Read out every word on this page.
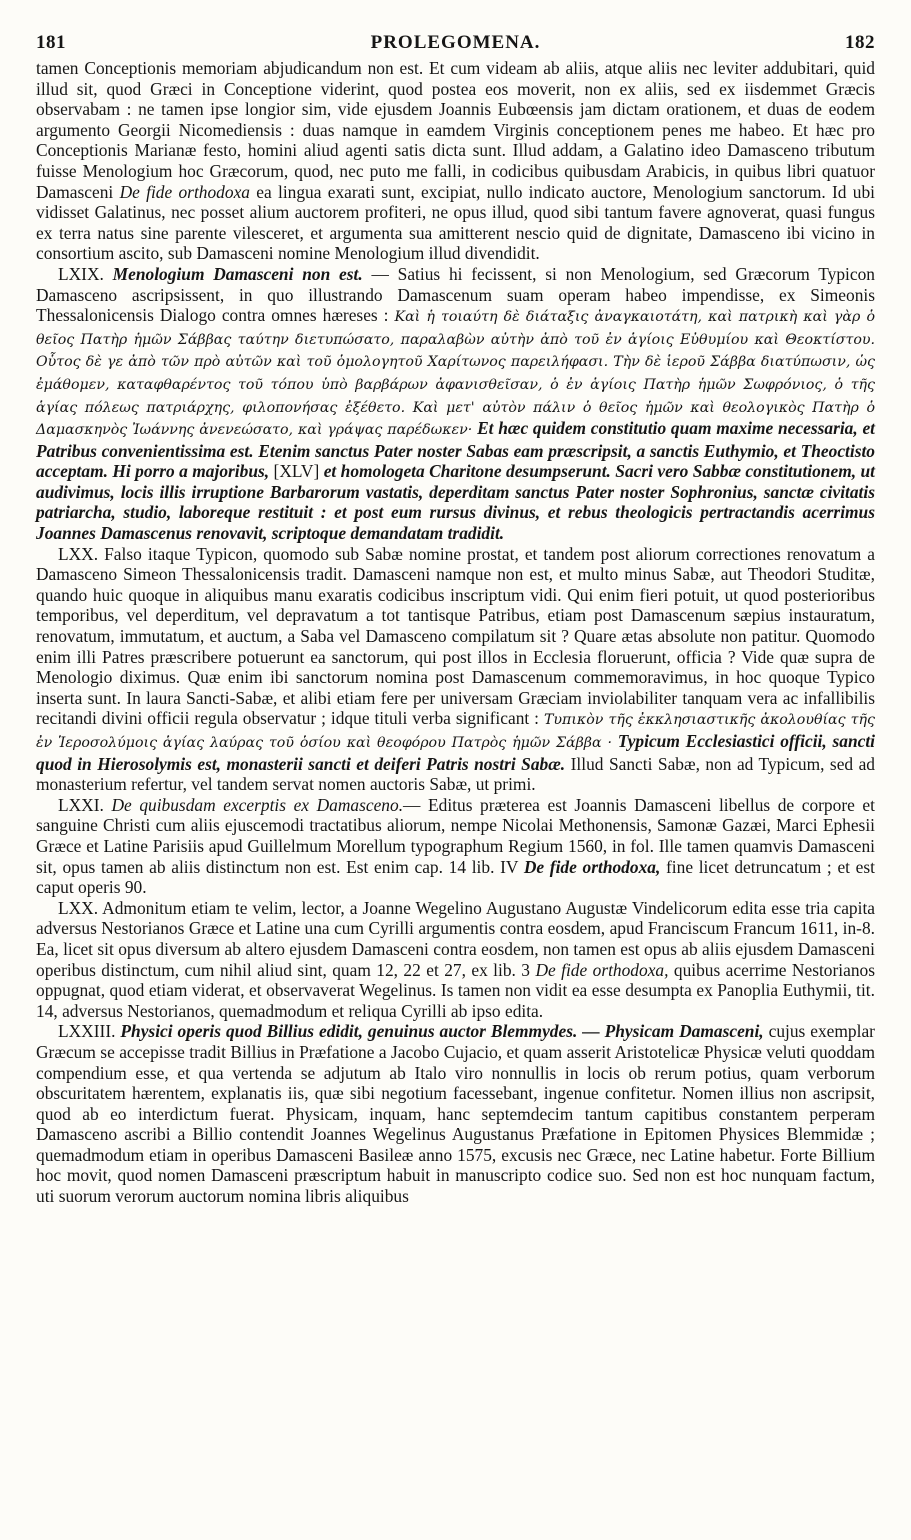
181	PROLEGOMENA.	182

tamen Conceptionis memoriam abjudicandum non est. Et cum videam ab aliis, atque aliis nec leviter addubitari, quid illud sit, quod Græci in Conceptione viderint, quod postea eos moverit, non ex aliis, sed ex iisdemmet Græcis observabam : ne tamen ipse longior sim, vide ejusdem Joannis Eubœensis jam dictam orationem, et duas de eodem argumento Georgii Nicomediensis : duas namque in eamdem Virginis conceptionem penes me habeo. Et hæc pro Conceptionis Marianæ festo, homini aliud agenti satis dicta sunt. Illud addam, a Galatino ideo Damasceno tributum fuisse Menologium hoc Græcorum, quod, nec puto me falli, in codicibus quibusdam Arabicis, in quibus libri quatuor Damasceni De fide orthodoxa ea lingua exarati sunt, excipiat, nullo indicato auctore, Menologium sanctorum. Id ubi vidisset Galatinus, nec posset alium auctorem profiteri, ne opus illud, quod sibi tantum favere agnoverat, quasi fungus ex terra natus sine parente vilesceret, et argumenta sua amitterent nescio quid de dignitate, Damasceno ibi vicino in consortium ascito, sub Damasceni nomine Menologium illud divendidit.

LXIX. Menologium Damasceni non est. — Satius hi fecissent, si non Menologium, sed Græcorum Typicon Damasceno ascripsissent, in quo illustrando Damascenum suam operam habeo impendisse, ex Simeonis Thessalonicensis Dialogo contra omnes hæreses : Καὶ ἡ τοιαύτη δὲ διάταξις ἀναγκαιοτάτη, καὶ πατρικὴ καὶ γὰρ ὁ θεῖος Πατὴρ ἡμῶν Σάββας ταύτην διετυπώσατο, παραλαβὼν αὐτὴν ἀπὸ τοῦ ἐν ἁγίοις Εὐθυμίου καὶ Θεοκτίστου. Οὗτος δὲ γε ἀπὸ τῶν πρὸ αὐτῶν καὶ τοῦ ὁμολογητοῦ Χαρίτωνος παρειλήφασι. Τὴν δὲ ἱεροῦ Σάββα διατύπωσιν, ὡς ἐμάθομεν, καταφθαρέντος τοῦ τόπου ὑπὸ βαρβάρων ἀφανισθεῖσαν, ὁ ἐν ἁγίοις Πατὴρ ἡμῶν Σωφρόνιος, ὁ τῆς ἁγίας πόλεως πατριάρχης, φιλοπονήσας ἐξέθετο. Καὶ μετ' αὐτὸν πάλιν ὁ θεῖος ἡμῶν καὶ θεολογικὸς Πατὴρ ὁ Δαμασκηνὸς Ἰωάννης ἀνενεώσατο, καὶ γράψας παρέδωκεν· Et hæc quidem constitutio quam maxime necessaria, et Patribus convenientissima est. Etenim sanctus Pater noster Sabas eam præscripsit, a sanctis Euthymio, et Theoctisto acceptam. Hi porro a majoribus, [XLV] et homologeta Charitone desumpserunt. Sacri vero Sabbæ constitutionem, ut audivimus, locis illis irruptione Barbarorum vastatis, deperditam sanctus Pater noster Sophronius, sanctæ civitatis patriarcha, studio, laboreque restituit : et post eum rursus divinus, et rebus theologicis pertractandis acerrimus Joannes Damascenus renovavit, scriptoque demandatam tradidit.

LXX. Falso itaque Typicon, quomodo sub Sabæ nomine prostat, et tandem post aliorum correctiones renovatum a Damasceno Simeon Thessalonicensis tradit. Damasceni namque non est, et multo minus Sabæ, aut Theodori Studitæ, quando huic quoque in aliquibus manu exaratis codicibus inscriptum vidi. Qui enim fieri potuit, ut quod posterioribus temporibus, vel deperditum, vel depravatum a tot tantisque Patribus, etiam post Damascenum sæpius instauratum, renovatum, immutatum, et auctum, a Saba vel Damasceno compilatum sit ? Quare ætas absolute non patitur. Quomodo enim illi Patres præscribere potuerunt ea sanctorum, qui post illos in Ecclesia floruerunt, officia ? Vide quæ supra de Menologio diximus. Quæ enim ibi sanctorum nomina post Damascenum commemoravimus, in hoc quoque Typico inserta sunt. In laura Sancti-Sabæ, et alibi etiam fere per universam Græciam inviolabiliter tanquam vera ac infallibilis recitandi divini officii regula observatur ; idque tituli verba significant : Τυπικὸν τῆς ἐκκλησιαστικῆς ἀκολουθίας τῆς ἐν Ἱεροσολύμοις ἁγίας λαύρας τοῦ ὁσίου καὶ θεοφόρου Πατρὸς ἡμῶν Σάββα · Typicum Ecclesiastici officii, sancti quod in Hierosolymis est, monasterii sancti et deiferi Patris nostri Sabæ. Illud Sancti Sabæ, non ad Typicum, sed ad monasterium refertur, vel tandem servat nomen auctoris Sabæ, ut primi.

LXXI. De quibusdam excerptis ex Damasceno.— Editus præterea est Joannis Damasceni libellus de corpore et sanguine Christi cum aliis ejuscemodi tractatibus aliorum, nempe Nicolai Methonensis, Samonæ Gazæi, Marci Ephesii Græce et Latine Parisiis apud Guillelmum Morellum typographum Regium 1560, in fol. Ille tamen quamvis Damasceni sit, opus tamen ab aliis distinctum non est. Est enim cap. 14 lib. IV De fide orthodoxa, fine licet detruncatum ; et est caput operis 90.

LXX. Admonitum etiam te velim, lector, a Joanne Wegelino Augustano Augustæ Vindelicorum edita esse tria capita adversus Nestorianos Græce et Latine una cum Cyrilli argumentis contra eosdem, apud Franciscum Francum 1611, in-8. Ea, licet sit opus diversum ab altero ejusdem Damasceni contra eosdem, non tamen est opus ab aliis ejusdem Damasceni operibus distinctum, cum nihil aliud sint, quam 12, 22 et 27, ex lib. 3 De fide orthodoxa, quibus acerrime Nestorianos oppugnat, quod etiam viderat, et observaverat Wegelinus. Is tamen non vidit ea esse desumpta ex Panoplia Euthymii, tit. 14, adversus Nestorianos, quemadmodum et reliqua Cyrilli ab ipso edita.

LXXIII. Physici operis quod Billius edidit, genuinus auctor Blemmydes. — Physicam Damasceni, cujus exemplar Græcum se accepisse tradit Billius in Præfatione a Jacobo Cujacio, et quam asserit Aristotelicæ Physicæ veluti quoddam compendium esse, et qua vertenda se adjutum ab Italo viro nonnullis in locis ob rerum potius, quam verborum obscuritatem hærentem, explanatis iis, quæ sibi negotium facessebant, ingenue confitetur. Nomen illius non ascripsit, quod ab eo interdictum fuerat. Physicam, inquam, hanc septemdecim tantum capitibus constantem perperam Damasceno ascribi a Billio contendit Joannes Wegelinus Augustanus Præfatione in Epitomen Physices Blemmidæ ; quemadmodum etiam in operibus Damasceni Basileæ anno 1575, excusis nec Græce, nec Latine habetur. Forte Billium hoc movit, quod nomen Damasceni præscriptum habuit in manuscripto codice suo. Sed non est hoc nunquam factum, uti suorum verorum auctorum nomina libris aliquibus
